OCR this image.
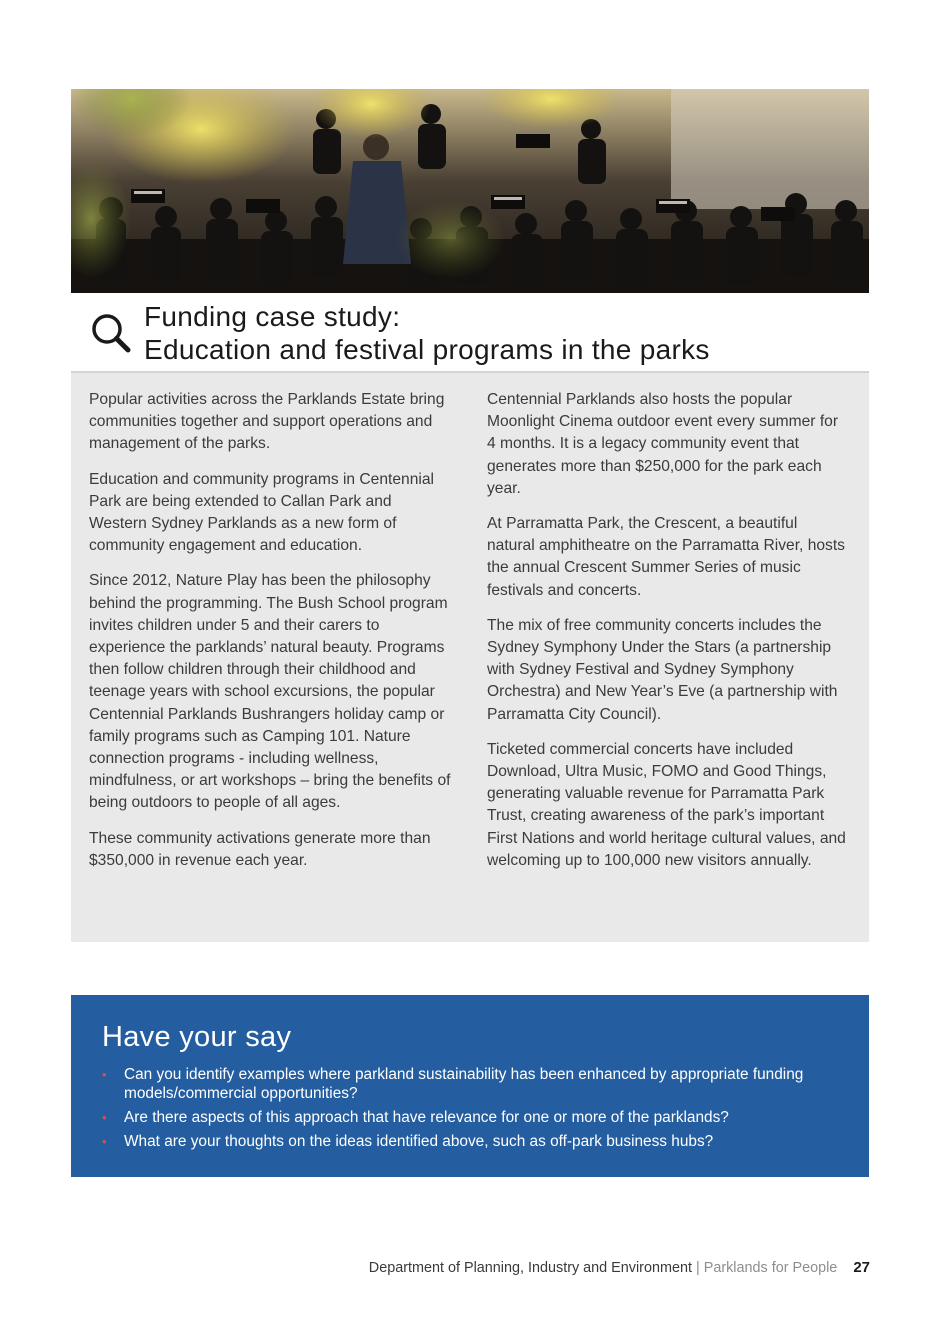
Funding case study:
Education and festival programs in the parks

Popular activities across the Parklands Estate bring communities together and support operations and management of the parks.

Education and community programs in Centennial Park are being extended to Callan Park and Western Sydney Parklands as a new form of community engagement and education.

Since 2012, Nature Play has been the philosophy behind the programming. The Bush School program invites children under 5 and their carers to experience the parklands’ natural beauty. Programs then follow children through their childhood and teenage years with school excursions, the popular Centennial Parklands Bushrangers holiday camp or family programs such as Camping 101. Nature connection programs - including wellness, mindfulness, or art workshops – bring the benefits of being outdoors to people of all ages.

These community activations generate more than $350,000 in revenue each year.

Centennial Parklands also hosts the popular Moonlight Cinema outdoor event every summer for 4 months. It is a legacy community event that generates more than $250,000 for the park each year.

At Parramatta Park, the Crescent, a beautiful natural amphitheatre on the Parramatta River, hosts the annual Crescent Summer Series of music festivals and concerts.

The mix of free community concerts includes the Sydney Symphony Under the Stars (a partnership with Sydney Festival and Sydney Symphony Orchestra) and New Year’s Eve (a partnership with Parramatta City Council).

Ticketed commercial concerts have included Download, Ultra Music, FOMO and Good Things, generating valuable revenue for Parramatta Park Trust, creating awareness of the park’s important First Nations and world heritage cultural values, and welcoming up to 100,000 new visitors annually.

Have your say
• Can you identify examples where parkland sustainability has been enhanced by appropriate funding models/commercial opportunities?
• Are there aspects of this approach that have relevance for one or more of the parklands?
• What are your thoughts on the ideas identified above, such as off-park business hubs?
Department of Planning, Industry and Environment | Parklands for People 27
